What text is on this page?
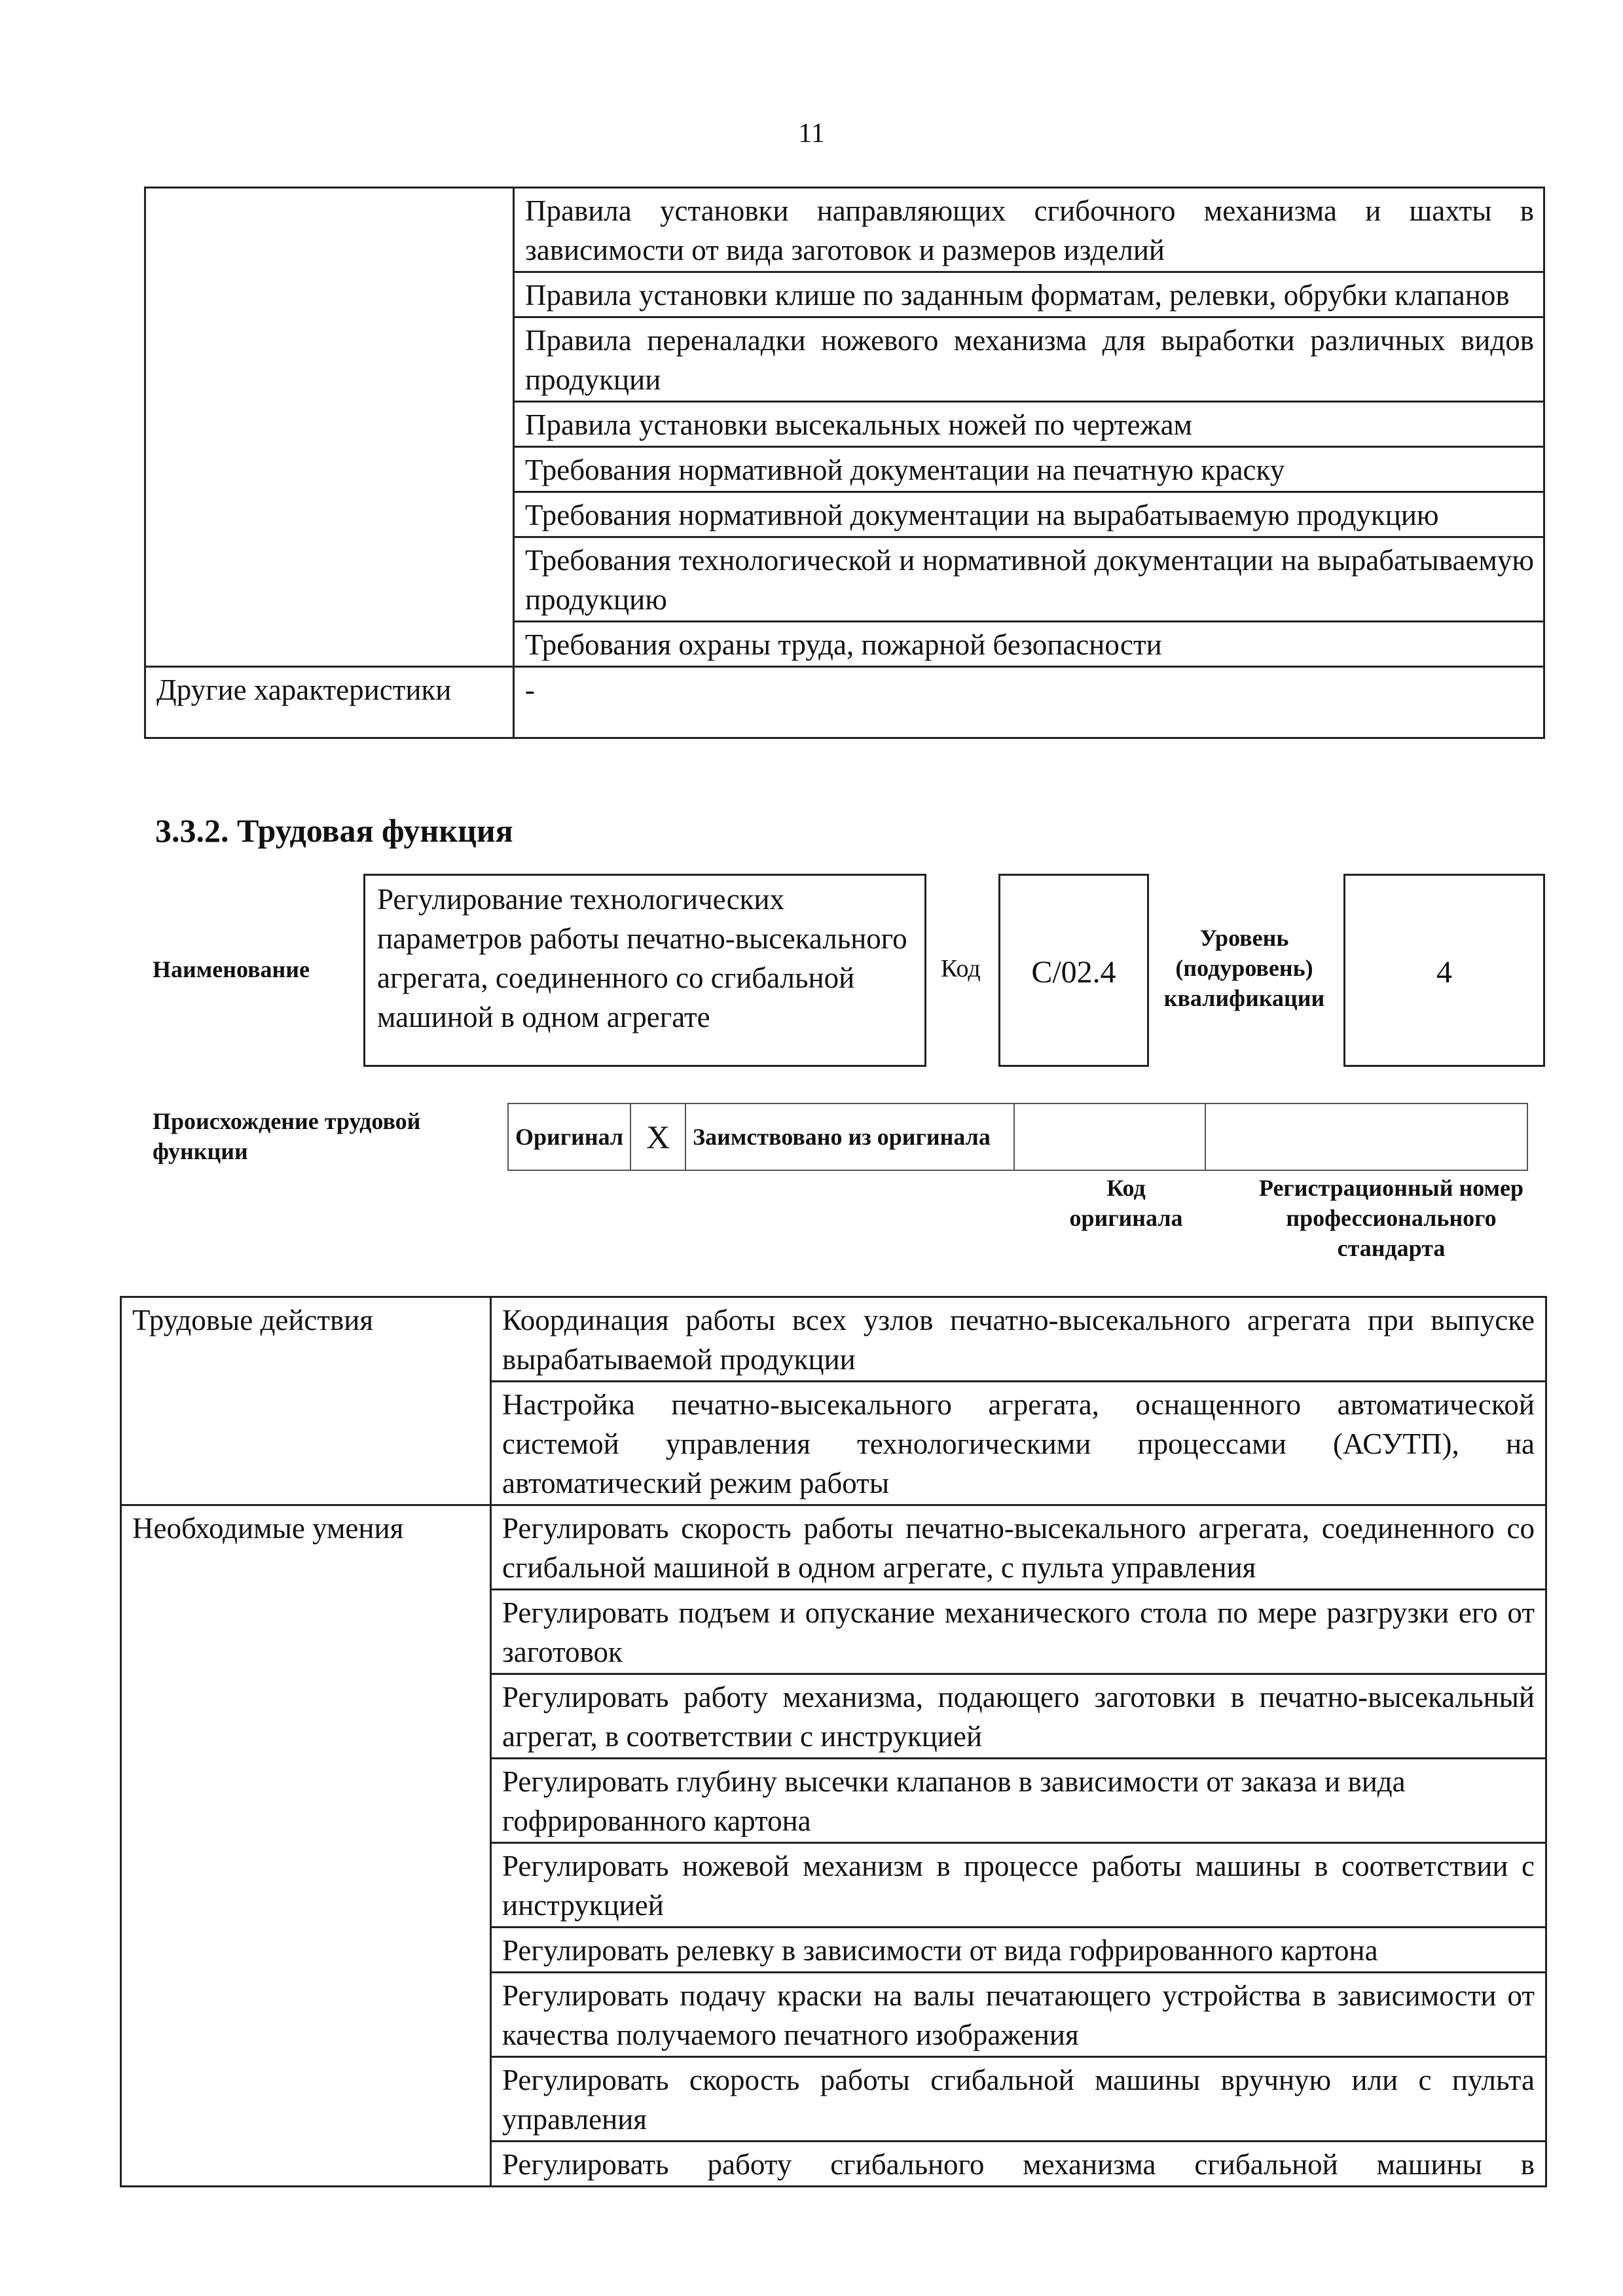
11
	Правила установки направляющих сгибочного механизма и шахты в зависимости от вида заготовок и размеров изделий
	Правила установки клише по заданным форматам, релевки, обрубки клапанов
	Правила переналадки ножевого механизма для выработки различных видов продукции
	Правила установки высекальных ножей по чертежам
	Требования нормативной документации на печатную краску
	Требования нормативной документации на вырабатываемую продукцию
	Требования технологической и нормативной документации на вырабатываемую продукцию
	Требования охраны труда, пожарной безопасности
Другие характеристики	-
3.3.2. Трудовая функция
Наименование
Регулирование технологических параметров работы печатно-высекального агрегата, соединенного со сгибальной машиной в одном агрегате
Код	C/02.4
Уровень (подуровень) квалификации
4
Происхождение трудовой функции
Оригинал	X	Заимствовано из оригинала		
Код оригинала
Регистрационный номер профессионального стандарта
Трудовые действия	Координация работы всех узлов печатно-высекального агрегата при выпуске вырабатываемой продукции
	Настройка печатно-высекального агрегата, оснащенного автоматической системой управления технологическими процессами (АСУТП), на автоматический режим работы
Необходимые умения	Регулировать скорость работы печатно-высекального агрегата, соединенного со сгибальной машиной в одном агрегате, с пульта управления
	Регулировать подъем и опускание механического стола по мере разгрузки его от заготовок
	Регулировать работу механизма, подающего заготовки в печатно-высекальный агрегат, в соответствии с инструкцией
	Регулировать глубину высечки клапанов в зависимости от заказа и вида гофрированного картона
	Регулировать ножевой механизм в процессе работы машины в соответствии с инструкцией
	Регулировать релевку в зависимости от вида гофрированного картона
	Регулировать подачу краски на валы печатающего устройства в зависимости от качества получаемого печатного изображения
	Регулировать скорость работы сгибальной машины вручную или с пульта управления
	Регулировать работу сгибального механизма сгибальной машины в
